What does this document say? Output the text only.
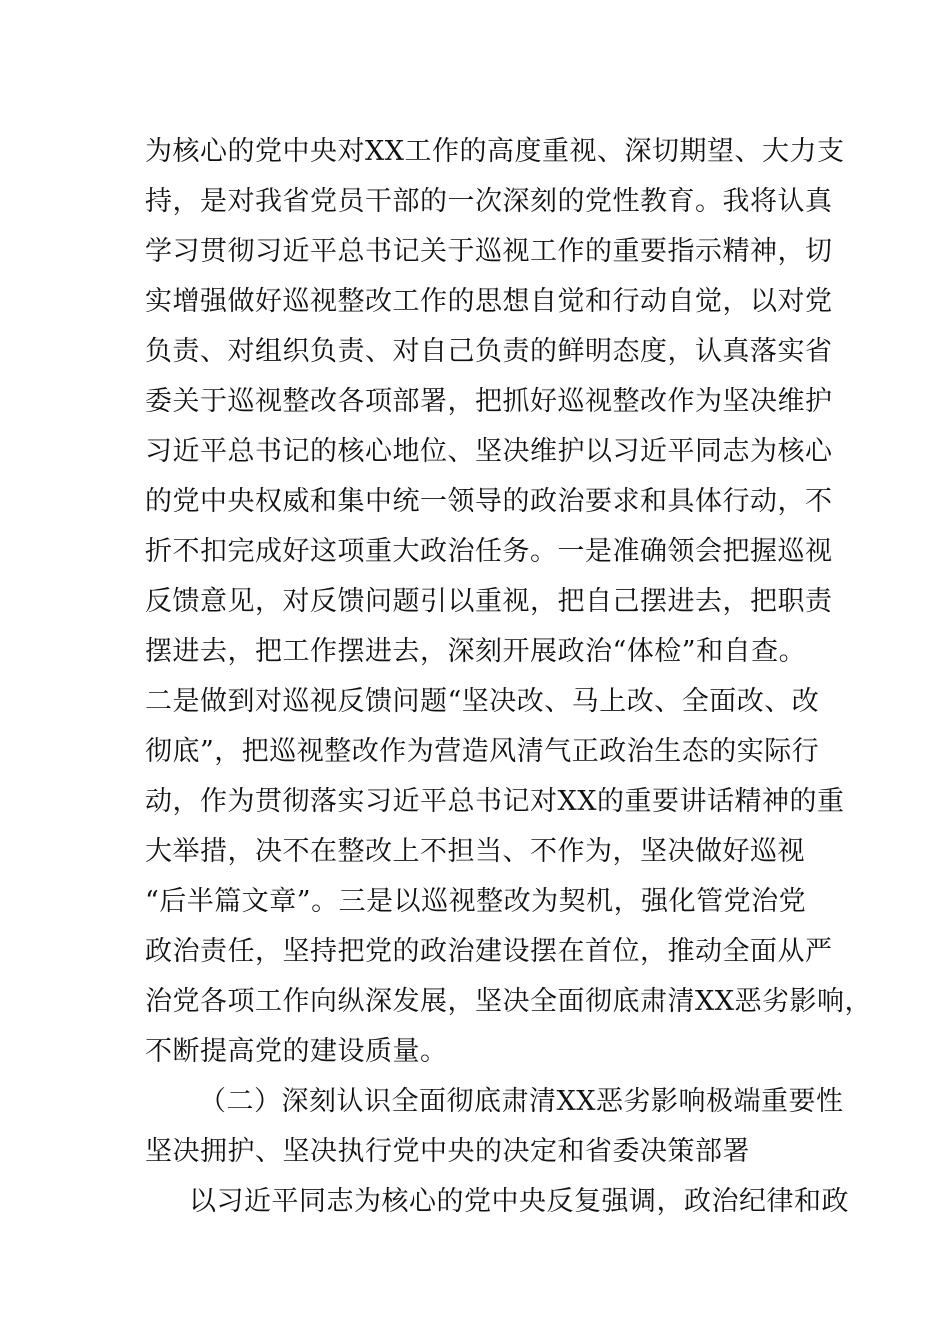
为核心的党中央对XX工作的高度重视、深切期望、大力支
持，是对我省党员干部的一次深刻的党性教育。我将认真
学习贯彻习近平总书记关于巡视工作的重要指示精神，切
实增强做好巡视整改工作的思想自觉和行动自觉，以对党
负责、对组织负责、对自己负责的鲜明态度，认真落实省
委关于巡视整改各项部署，把抓好巡视整改作为坚决维护
习近平总书记的核心地位、坚决维护以习近平同志为核心
的党中央权威和集中统一领导的政治要求和具体行动，不
折不扣完成好这项重大政治任务。一是准确领会把握巡视
反馈意见，对反馈问题引以重视，把自己摆进去，把职责
摆进去，把工作摆进去，深刻开展政治“体检”和自查。
二是做到对巡视反馈问题“坚决改、马上改、全面改、改
彻底”，把巡视整改作为营造风清气正政治生态的实际行
动，作为贯彻落实习近平总书记对XX的重要讲话精神的重
大举措，决不在整改上不担当、不作为，坚决做好巡视
“后半篇文章”。三是以巡视整改为契机，强化管党治党
政治责任，坚持把党的政治建设摆在首位，推动全面从严
治党各项工作向纵深发展，坚决全面彻底肃清XX恶劣影响，
不断提高党的建设质量。
（二）深刻认识全面彻底肃清XX恶劣影响极端重要性
坚决拥护、坚决执行党中央的决定和省委决策部署
以习近平同志为核心的党中央反复强调，政治纪律和政
